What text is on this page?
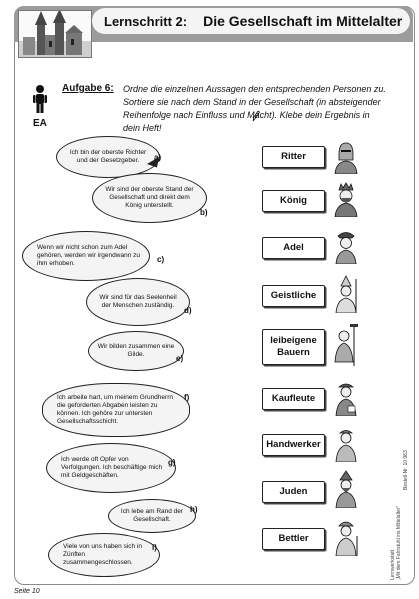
Lernschritt 2: Die Gesellschaft im Mittelalter
EA
Aufgabe 6: Ordne die einzelnen Aussagen den entsprechenden Personen zu. Sortiere sie nach dem Stand in der Gesellschaft (in absteigender Reihenfolge nach Einfluss und Macht). Klebe dein Ergebnis in dein Heft!
Ich bin der oberste Richter und der Gesetzgeber.	a)
Wir sind der oberste Stand der Gesellschaft und direkt dem König unterstellt.
b)
Wenn wir nicht schon zum Adel gehören, werden wir irgendwann zu ihm erhoben.	c)
Wir sind für das Seelenheil der Menschen zuständig.
d)
Wir bilden zusammen eine Gilde.	e)
Ich arbeite hart, um meinem Grundherrn die geforderten Abgaben leisten zu können. Ich gehöre zur untersten Gesellschaftsschicht.
f)
Ich werde oft Opfer von Verfolgungen. Ich beschäftige mich mit Geldgeschäften.
g)
Ich lebe am Rand der Gesellschaft.
h)
Viele von uns haben sich in Zünften zusammengeschlossen.
i)
Ritter
König
Adel
Geistliche
leibeigene Bauern
Kaufleute
Handwerker
Juden
Bettler
Lernwerkstatt „Mit dem Fahrstuhl ins Mittelalter"
Bestell-Nr. 10 963
Seite 10
